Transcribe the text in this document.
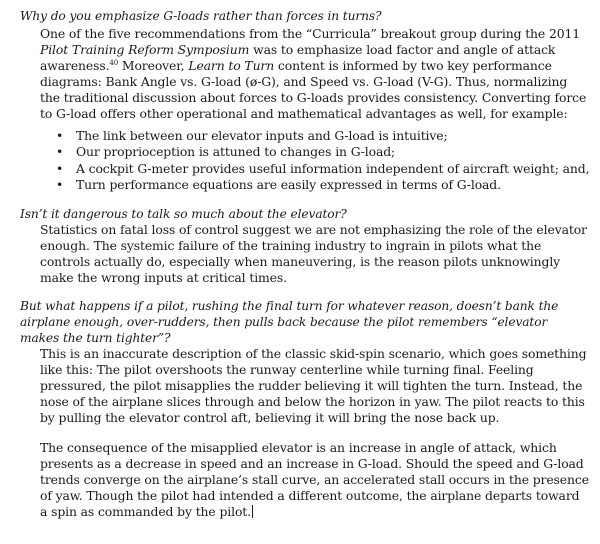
Why do you emphasize G-loads rather than forces in turns?

One of the five recommendations from the “Curricula” breakout group during the 2011 Pilot Training Reform Symposium was to emphasize load factor and angle of attack awareness.$^{40}$ Moreover, Learn to Turn content is informed by two key performance diagrams: Bank Angle vs. G-load (ø-G), and Speed vs. G-load (V-G). Thus, normalizing the traditional discussion about forces to G-loads provides consistency. Converting force to G-load offers other operational and mathematical advantages as well, for example:

• The link between our elevator inputs and G-load is intuitive;
• Our proprioception is attuned to changes in G-load;
• A cockpit G-meter provides useful information independent of aircraft weight; and,
• Turn performance equations are easily expressed in terms of G-load.
Isn’t it dangerous to talk so much about the elevator?

Statistics on fatal loss of control suggest we are not emphasizing the role of the elevator enough. The systemic failure of the training industry to ingrain in pilots what the controls actually do, especially when maneuvering, is the reason pilots unknowingly make the wrong inputs at critical times.

But what happens if a pilot, rushing the final turn for whatever reason, doesn’t bank the airplane enough, over-rudders, then pulls back because the pilot remembers “elevator makes the turn tighter”?

This is an inaccurate description of the classic skid-spin scenario, which goes something like this: The pilot overshoots the runway centerline while turning final. Feeling pressured, the pilot misapplies the rudder believing it will tighten the turn. Instead, the nose of the airplane slices through and below the horizon in yaw. The pilot reacts to this by pulling the elevator control aft, believing it will bring the nose back up.

The consequence of the misapplied elevator is an increase in angle of attack, which presents as a decrease in speed and an increase in G-load. Should the speed and G-load trends converge on the airplane’s stall curve, an accelerated stall occurs in the presence of yaw. Though the pilot had intended a different outcome, the airplane departs toward a spin as commanded by the pilot.
